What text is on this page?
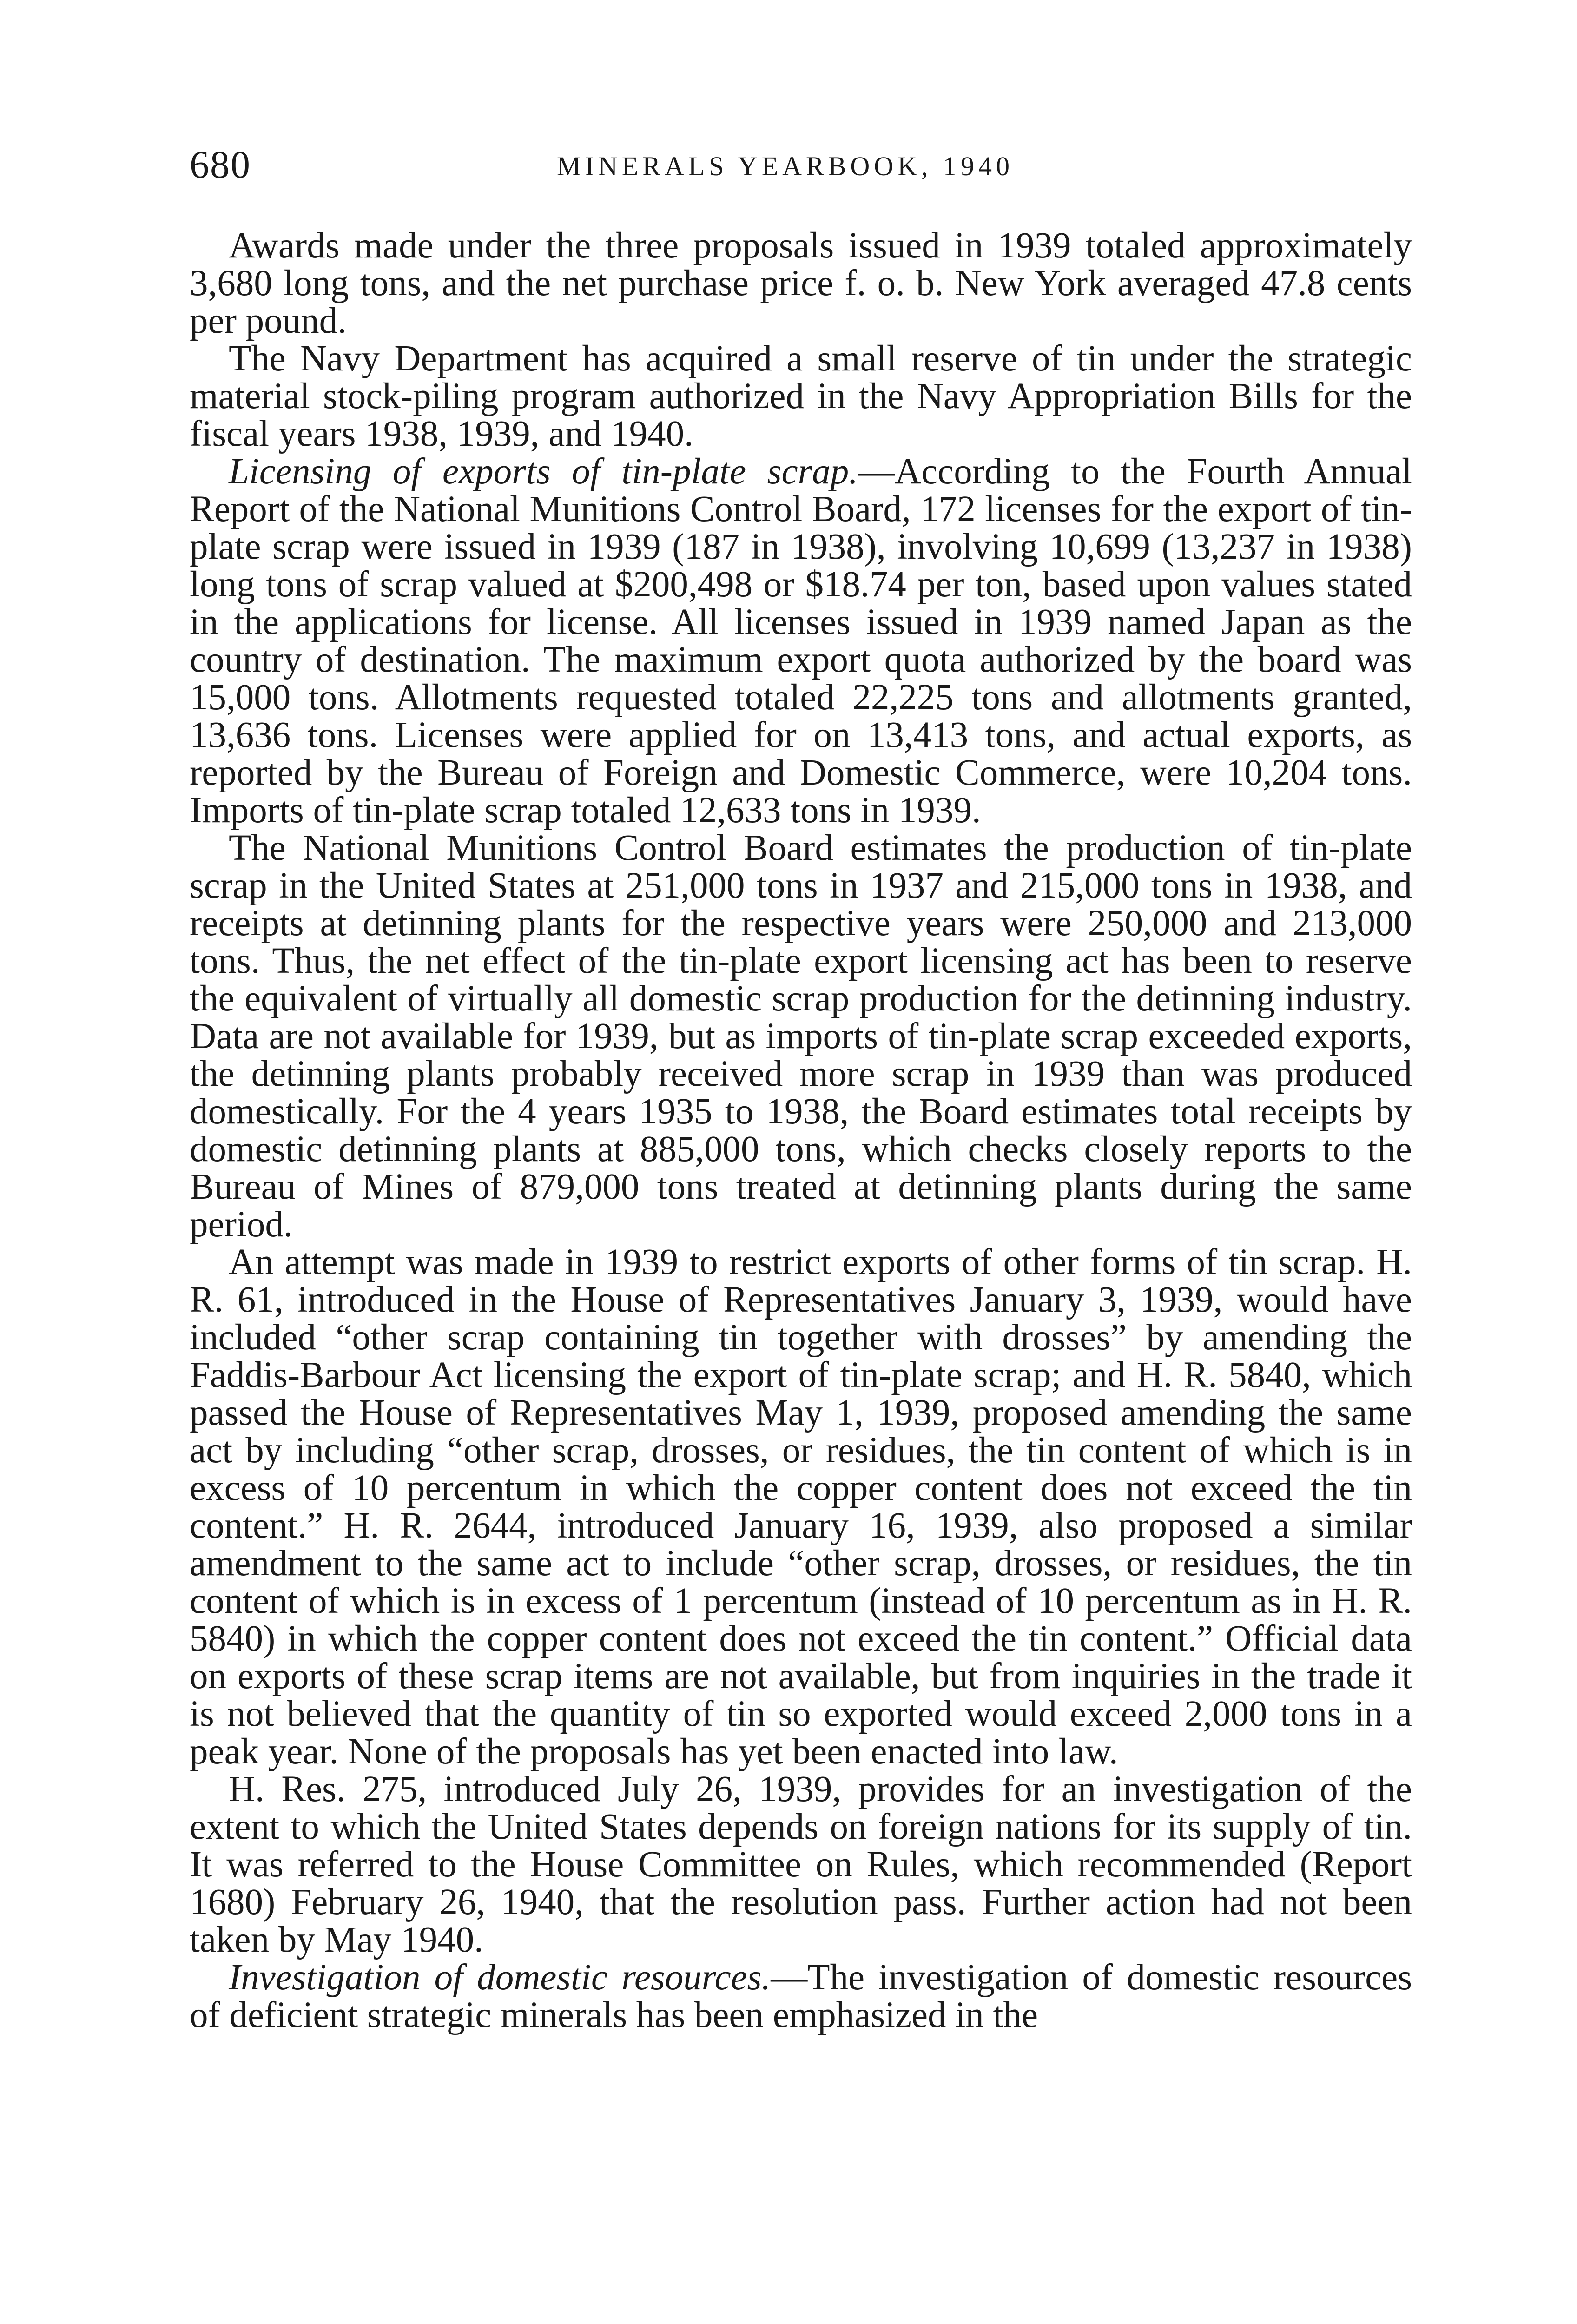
680	MINERALS YEARBOOK, 1940

Awards made under the three proposals issued in 1939 totaled approximately 3,680 long tons, and the net purchase price f. o. b. New York averaged 47.8 cents per pound.

The Navy Department has acquired a small reserve of tin under the strategic material stock-piling program authorized in the Navy Appropriation Bills for the fiscal years 1938, 1939, and 1940.

Licensing of exports of tin-plate scrap.—According to the Fourth Annual Report of the National Munitions Control Board, 172 licenses for the export of tin-plate scrap were issued in 1939 (187 in 1938), involving 10,699 (13,237 in 1938) long tons of scrap valued at $200,498 or $18.74 per ton, based upon values stated in the applications for license. All licenses issued in 1939 named Japan as the country of destination. The maximum export quota authorized by the board was 15,000 tons. Allotments requested totaled 22,225 tons and allotments granted, 13,636 tons. Licenses were applied for on 13,413 tons, and actual exports, as reported by the Bureau of Foreign and Domestic Commerce, were 10,204 tons. Imports of tin-plate scrap totaled 12,633 tons in 1939.

The National Munitions Control Board estimates the production of tin-plate scrap in the United States at 251,000 tons in 1937 and 215,000 tons in 1938, and receipts at detinning plants for the respective years were 250,000 and 213,000 tons. Thus, the net effect of the tin-plate export licensing act has been to reserve the equivalent of virtually all domestic scrap production for the detinning industry. Data are not available for 1939, but as imports of tin-plate scrap exceeded exports, the detinning plants probably received more scrap in 1939 than was produced domestically. For the 4 years 1935 to 1938, the Board estimates total receipts by domestic detinning plants at 885,000 tons, which checks closely reports to the Bureau of Mines of 879,000 tons treated at detinning plants during the same period.

An attempt was made in 1939 to restrict exports of other forms of tin scrap. H. R. 61, introduced in the House of Representatives January 3, 1939, would have included “other scrap containing tin together with drosses” by amending the Faddis-Barbour Act licensing the export of tin-plate scrap; and H. R. 5840, which passed the House of Representatives May 1, 1939, proposed amending the same act by including “other scrap, drosses, or residues, the tin content of which is in excess of 10 percentum in which the copper content does not exceed the tin content.” H. R. 2644, introduced January 16, 1939, also proposed a similar amendment to the same act to include “other scrap, drosses, or residues, the tin content of which is in excess of 1 percentum (instead of 10 percentum as in H. R. 5840) in which the copper content does not exceed the tin content.” Official data on exports of these scrap items are not available, but from inquiries in the trade it is not believed that the quantity of tin so exported would exceed 2,000 tons in a peak year. None of the proposals has yet been enacted into law.

H. Res. 275, introduced July 26, 1939, provides for an investigation of the extent to which the United States depends on foreign nations for its supply of tin. It was referred to the House Committee on Rules, which recommended (Report 1680) February 26, 1940, that the resolution pass. Further action had not been taken by May 1940.

Investigation of domestic resources.—The investigation of domestic resources of deficient strategic minerals has been emphasized in the
